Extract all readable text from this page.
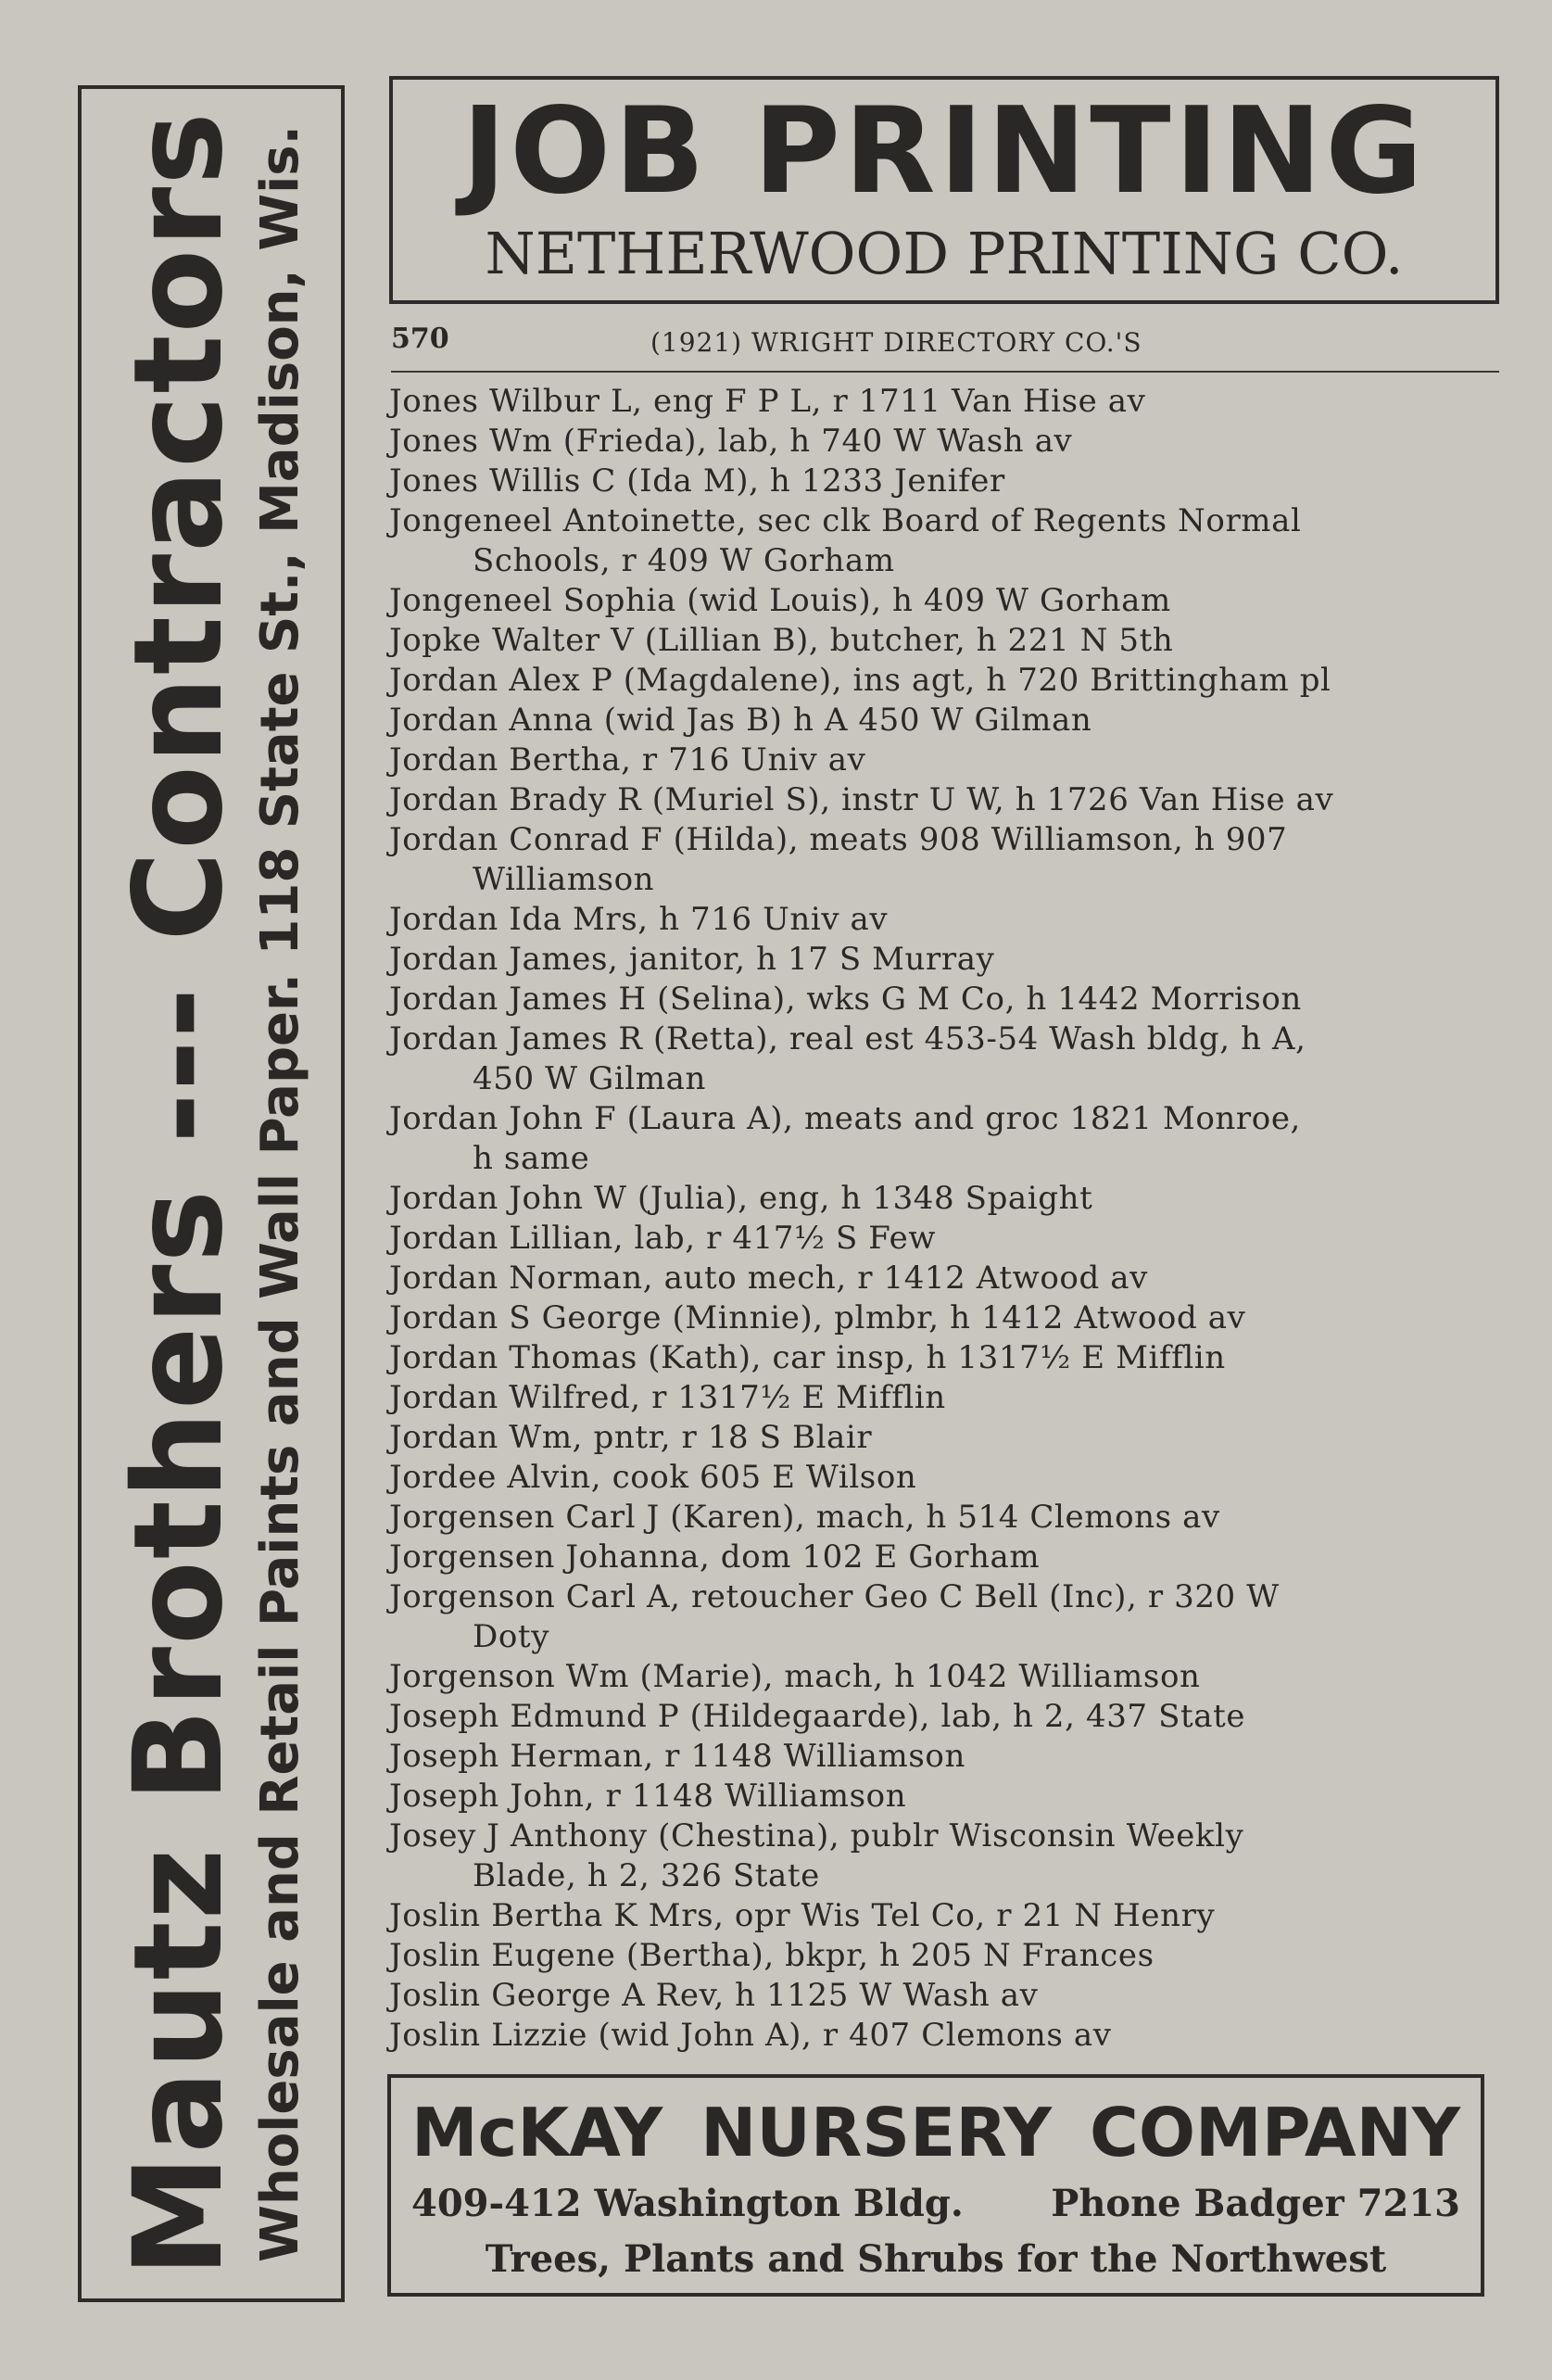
Mautz Brothers --- Contractors Wholesale and Retail Paints and Wall Paper. 118 State St., Madison, Wis.	JOB PRINTING
NETHERWOOD PRINTING CO.
570	(1921) WRIGHT DIRECTORY CO.'S
Jones Wilbur L, eng F P L, r 1711 Van Hise av
Jones Wm (Frieda), lab, h 740 W Wash av
Jones Willis C (Ida M), h 1233 Jenifer
Jongeneel Antoinette, sec clk Board of Regents Normal
Schools, r 409 W Gorham
Jongeneel Sophia (wid Louis), h 409 W Gorham
Jopke Walter V (Lillian B), butcher, h 221 N 5th
Jordan Alex P (Magdalene), ins agt, h 720 Brittingham pl
Jordan Anna (wid Jas B) h A 450 W Gilman
Jordan Bertha, r 716 Univ av
Jordan Brady R (Muriel S), instr U W, h 1726 Van Hise av
Jordan Conrad F (Hilda), meats 908 Williamson, h 907
Williamson
Jordan Ida Mrs, h 716 Univ av
Jordan James, janitor, h 17 S Murray
Jordan James H (Selina), wks G M Co, h 1442 Morrison
Jordan James R (Retta), real est 453-54 Wash bldg, h A,
450 W Gilman
Jordan John F (Laura A), meats and groc 1821 Monroe,
h same
Jordan John W (Julia), eng, h 1348 Spaight
Jordan Lillian, lab, r 417½ S Few
Jordan Norman, auto mech, r 1412 Atwood av
Jordan S George (Minnie), plmbr, h 1412 Atwood av
Jordan Thomas (Kath), car insp, h 1317½ E Mifflin
Jordan Wilfred, r 1317½ E Mifflin
Jordan Wm, pntr, r 18 S Blair
Jordee Alvin, cook 605 E Wilson
Jorgensen Carl J (Karen), mach, h 514 Clemons av
Jorgensen Johanna, dom 102 E Gorham
Jorgenson Carl A, retoucher Geo C Bell (Inc), r 320 W
Doty
Jorgenson Wm (Marie), mach, h 1042 Williamson
Joseph Edmund P (Hildegaarde), lab, h 2, 437 State
Joseph Herman, r 1148 Williamson
Joseph John, r 1148 Williamson
Josey J Anthony (Chestina), publr Wisconsin Weekly
Blade, h 2, 326 State
Joslin Bertha K Mrs, opr Wis Tel Co, r 21 N Henry
Joslin Eugene (Bertha), bkpr, h 205 N Frances
Joslin George A Rev, h 1125 W Wash av
Joslin Lizzie (wid John A), r 407 Clemons av
McKAY NURSERY COMPANY
409-412 Washington Bldg. Phone Badger 7213
Trees, Plants and Shrubs for the Northwest
